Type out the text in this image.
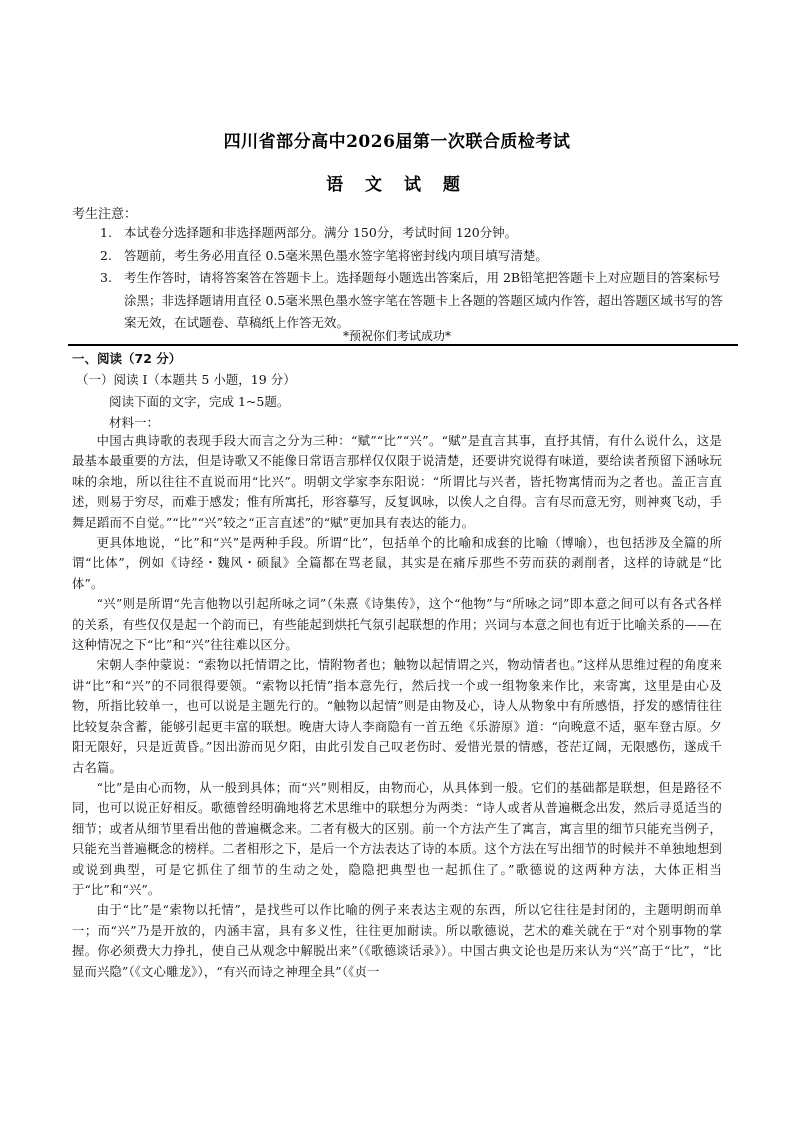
四川省部分高中2026届第一次联合质检考试
语 文 试 题
考生注意：
1. 本试卷分选择题和非选择题两部分。满分 150分，考试时间 120分钟。
2. 答题前，考生务必用直径 0.5毫米黑色墨水签字笔将密封线内项目填写清楚。
3. 考生作答时，请将答案答在答题卡上。选择题每小题选出答案后，用 2B铅笔把答题卡上对应题目的答案标号涂黑；非选择题请用直径 0.5毫米黑色墨水签字笔在答题卡上各题的答题区域内作答，超出答题区域书写的答案无效，在试题卷、草稿纸上作答无效。
*预祝你们考试成功*
一、阅读（72 分）
（一）阅读 I（本题共 5 小题，19 分）
阅读下面的文字，完成 1~5题。
材料一：

中国古典诗歌的表现手段大而言之分为三种：“赋”“比”“兴”。“赋”是直言其事，直抒其情，有什么说什么，这是最基本最重要的方法，但是诗歌又不能像日常语言那样仅仅限于说清楚，还要讲究说得有味道，要给读者预留下涵咏玩味的余地，所以往往不直说而用“比兴”。明朝文学家李东阳说：“所谓比与兴者，皆托物寓情而为之者也。盖正言直述，则易于穷尽，而难于感发；惟有所寓托，形容摹写，反复讽咏，以俟人之自得。言有尽而意无穷，则神爽飞动，手舞足蹈而不自觉。”“比”“兴”较之“正言直述”的“赋”更加具有表达的能力。

更具体地说，“比”和“兴”是两种手段。所谓“比”，包括单个的比喻和成套的比喻（博喻），也包括涉及全篇的所谓“比体”，例如《诗经・魏风・硕鼠》全篇都在骂老鼠，其实是在痛斥那些不劳而获的剥削者，这样的诗就是“比体”。

“兴”则是所谓“先言他物以引起所咏之词”（朱熹《诗集传》，这个“他物”与“所咏之词”即本意之间可以有各式各样的关系，有些仅仅是起一个韵而已，有些能起到烘托气氛引起联想的作用；兴词与本意之间也有近于比喻关系的——在这种情况之下“比”和“兴”往往难以区分。

宋朝人李仲蒙说：“索物以托情谓之比，情附物者也；触物以起情谓之兴，物动情者也。”这样从思维过程的角度来讲“比”和“兴”的不同很得要领。“索物以托情”指本意先行，然后找一个或一组物象来作比，来寄寓，这里是由心及物，所指比较单一，也可以说是主题先行的。“触物以起情”则是由物及心，诗人从物象中有所感悟，抒发的感情往往比较复杂含蓄，能够引起更丰富的联想。晚唐大诗人李商隐有一首五绝《乐游原》道：“向晚意不适，驱车登古原。夕阳无限好，只是近黄昏。”因出游而见夕阳，由此引发自己叹老伤时、爱惜光景的情感，苍茫辽阔，无限感伤，遂成千古名篇。

“比”是由心而物，从一般到具体；而“兴”则相反，由物而心，从具体到一般。它们的基础都是联想，但是路径不同，也可以说正好相反。歌德曾经明确地将艺术思维中的联想分为两类：“诗人或者从普遍概念出发，然后寻觅适当的细节；或者从细节里看出他的普遍概念来。二者有极大的区别。前一个方法产生了寓言，寓言里的细节只能充当例子，只能充当普遍概念的榜样。二者相形之下，是后一个方法表达了诗的本质。这个方法在写出细节的时候并不单独地想到或说到典型，可是它抓住了细节的生动之处，隐隐把典型也一起抓住了。”歌德说的这两种方法，大体正相当于“比”和“兴”。

由于“比”是“索物以托情”，是找些可以作比喻的例子来表达主观的东西，所以它往往是封闭的，主题明朗而单一；而“兴”乃是开放的，内涵丰富，具有多义性，往往更加耐读。所以歌德说，艺术的难关就在于“对个别事物的掌握。你必须费大力挣扎，使自己从观念中解脱出来”（《歌德谈话录》）。中国古典文论也是历来认为“兴”高于“比”，“比显而兴隐”（《文心雕龙》），“有兴而诗之神理全具”（《贞一
